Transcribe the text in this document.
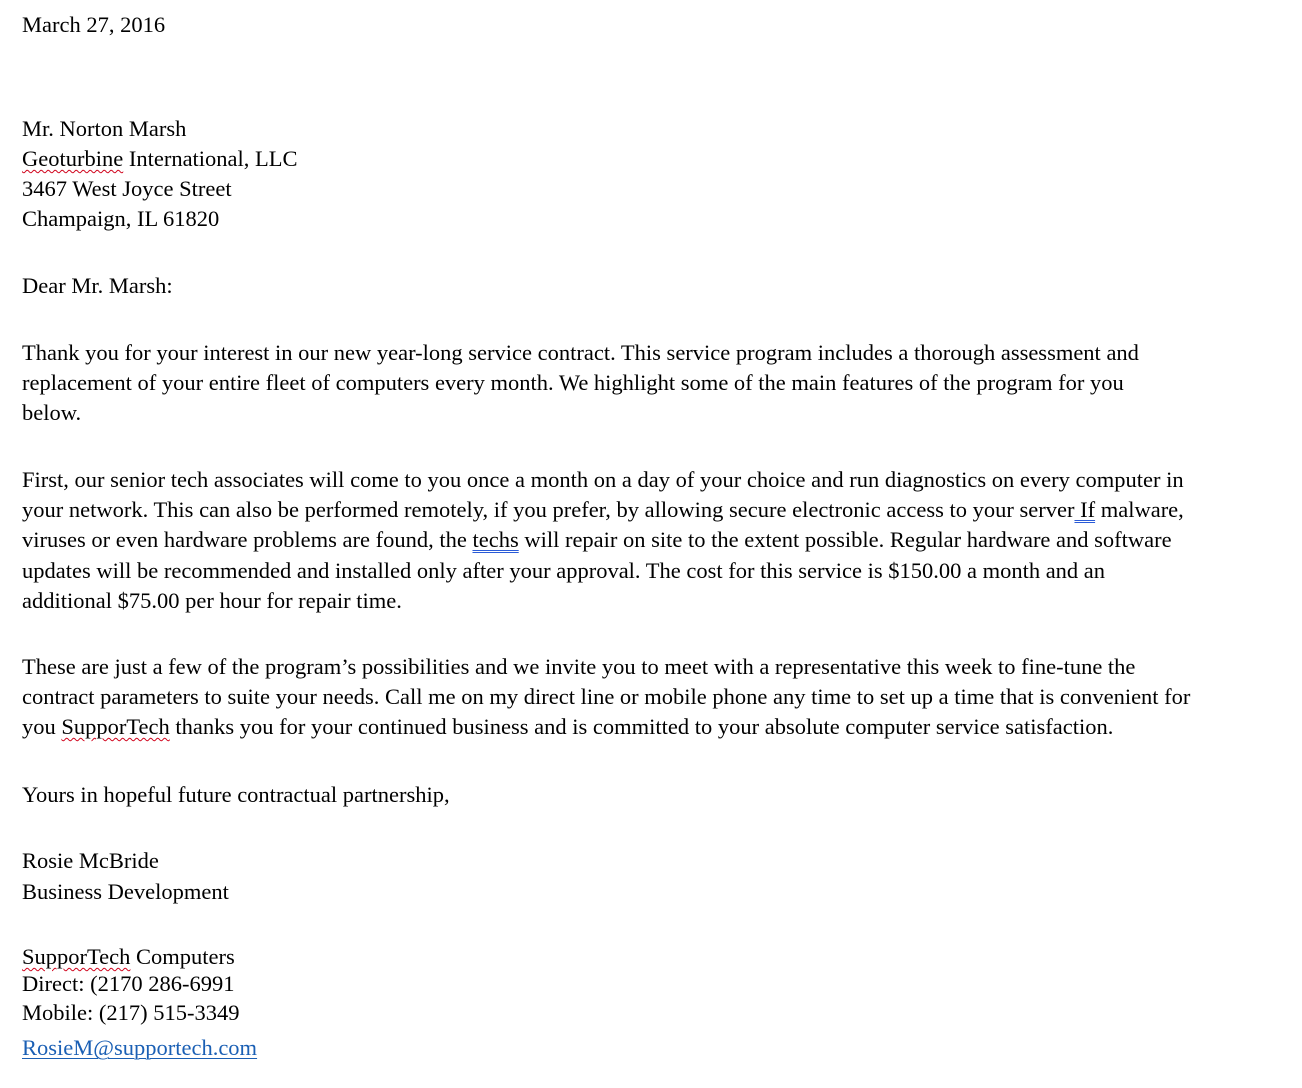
March 27, 2016
Mr. Norton Marsh
Geoturbine International, LLC
3467 West Joyce Street
Champaign, IL 61820
Dear Mr. Marsh:
Thank you for your interest in our new year-long service contract. This service program includes a thorough assessment and
replacement of your entire fleet of computers every month. We highlight some of the main features of the program for you
below.
First, our senior tech associates will come to you once a month on a day of your choice and run diagnostics on every computer in
your network. This can also be performed remotely, if you prefer, by allowing secure electronic access to your server If malware,
viruses or even hardware problems are found, the techs will repair on site to the extent possible. Regular hardware and software
updates will be recommended and installed only after your approval. The cost for this service is $150.00 a month and an
additional $75.00 per hour for repair time.
These are just a few of the program’s possibilities and we invite you to meet with a representative this week to fine-tune the
contract parameters to suite your needs. Call me on my direct line or mobile phone any time to set up a time that is convenient for
you SupporTech thanks you for your continued business and is committed to your absolute computer service satisfaction.
Yours in hopeful future contractual partnership,
Rosie McBride
Business Development
SupporTech Computers
Direct: (2170 286-6991
Mobile: (217) 515-3349
RosieM@supportech.com
